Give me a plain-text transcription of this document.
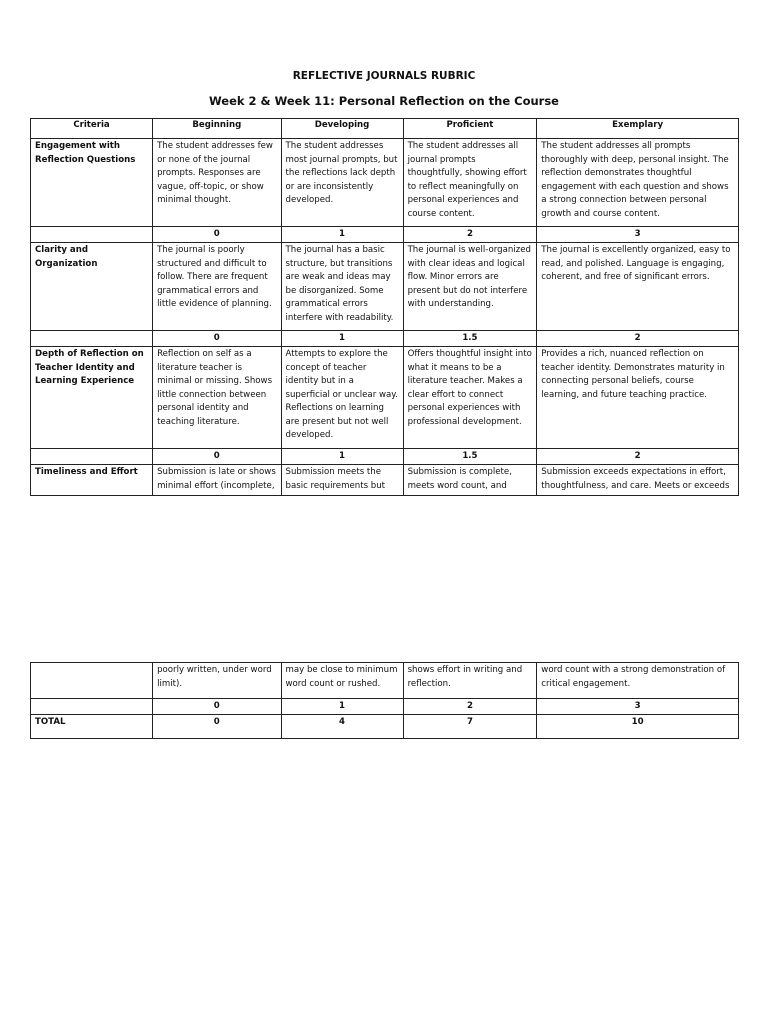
REFLECTIVE JOURNALS RUBRIC
Week 2 & Week 11: Personal Reflection on the Course
Criteria	Beginning	Developing	Proficient	Exemplary
Engagement with Reflection Questions	The student addresses few or none of the journal prompts. Responses are vague, off-topic, or show minimal thought.	The student addresses most journal prompts, but the reflections lack depth or are inconsistently developed.	The student addresses all journal prompts thoughtfully, showing effort to reflect meaningfully on personal experiences and course content.	The student addresses all prompts thoroughly with deep, personal insight. The reflection demonstrates thoughtful engagement with each question and shows a strong connection between personal growth and course content.
	0	1	2	3
Clarity and Organization	The journal is poorly structured and difficult to follow. There are frequent grammatical errors and little evidence of planning.	The journal has a basic structure, but transitions are weak and ideas may be disorganized. Some grammatical errors interfere with readability.	The journal is well-organized with clear ideas and logical flow. Minor errors are present but do not interfere with understanding.	The journal is excellently organized, easy to read, and polished. Language is engaging, coherent, and free of significant errors.
	0	1	1.5	2
Depth of Reflection on Teacher Identity and Learning Experience	Reflection on self as a literature teacher is minimal or missing. Shows little connection between personal identity and teaching literature.	Attempts to explore the concept of teacher identity but in a superficial or unclear way. Reflections on learning are present but not well developed.	Offers thoughtful insight into what it means to be a literature teacher. Makes a clear effort to connect personal experiences with professional development.	Provides a rich, nuanced reflection on teacher identity. Demonstrates maturity in connecting personal beliefs, course learning, and future teaching practice.
	0	1	1.5	2
Timeliness and Effort	Submission is late or shows minimal effort (incomplete,	Submission meets the basic requirements but	Submission is complete, meets word count, and	Submission exceeds expectations in effort, thoughtfulness, and care. Meets or exceeds
	poorly written, under word limit).	may be close to minimum word count or rushed.	shows effort in writing and reflection.	word count with a strong demonstration of critical engagement.
	0	1	2	3
TOTAL	0	4	7	10
